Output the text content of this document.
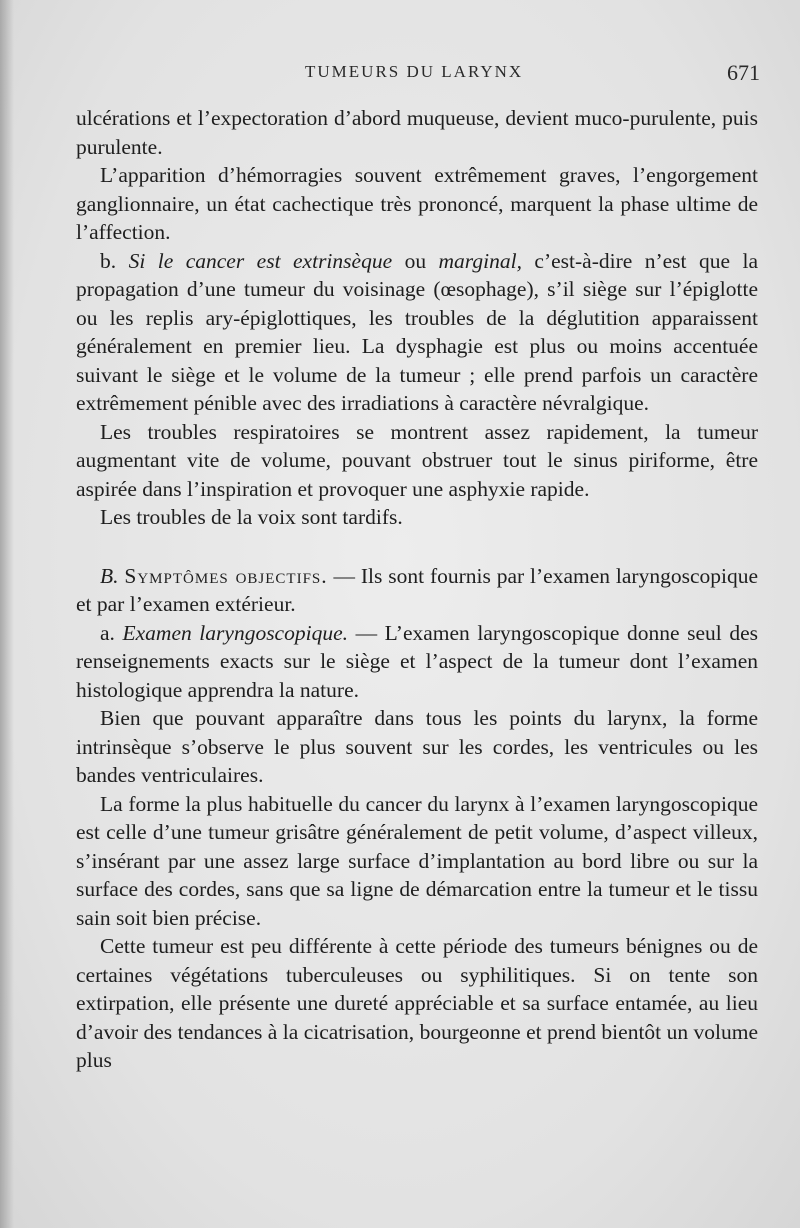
TUMEURS DU LARYNX	671

ulcérations et l’expectoration d’abord muqueuse, devient muco-purulente, puis purulente.

L’apparition d’hémorragies souvent extrêmement graves, l’engorgement ganglionnaire, un état cachectique très prononcé, marquent la phase ultime de l’affection.

b. Si le cancer est extrinsèque ou marginal, c’est-à-dire n’est que la propagation d’une tumeur du voisinage (œsophage), s’il siège sur l’épiglotte ou les replis ary-épiglottiques, les troubles de la déglutition apparaissent généralement en premier lieu. La dysphagie est plus ou moins accentuée suivant le siège et le volume de la tumeur ; elle prend parfois un caractère extrêmement pénible avec des irradiations à caractère névralgique.

Les troubles respiratoires se montrent assez rapidement, la tumeur augmentant vite de volume, pouvant obstruer tout le sinus piriforme, être aspirée dans l’inspiration et provoquer une asphyxie rapide.

Les troubles de la voix sont tardifs.

B. Symptômes objectifs. — Ils sont fournis par l’examen laryngoscopique et par l’examen extérieur.

a. Examen laryngoscopique. — L’examen laryngoscopique donne seul des renseignements exacts sur le siège et l’aspect de la tumeur dont l’examen histologique apprendra la nature.

Bien que pouvant apparaître dans tous les points du larynx, la forme intrinsèque s’observe le plus souvent sur les cordes, les ventricules ou les bandes ventriculaires.

La forme la plus habituelle du cancer du larynx à l’examen laryngoscopique est celle d’une tumeur grisâtre généralement de petit volume, d’aspect villeux, s’insérant par une assez large surface d’implantation au bord libre ou sur la surface des cordes, sans que sa ligne de démarcation entre la tumeur et le tissu sain soit bien précise.

Cette tumeur est peu différente à cette période des tumeurs bénignes ou de certaines végétations tuberculeuses ou syphilitiques. Si on tente son extirpation, elle présente une dureté appréciable et sa surface entamée, au lieu d’avoir des tendances à la cicatrisation, bourgeonne et prend bientôt un volume plus
